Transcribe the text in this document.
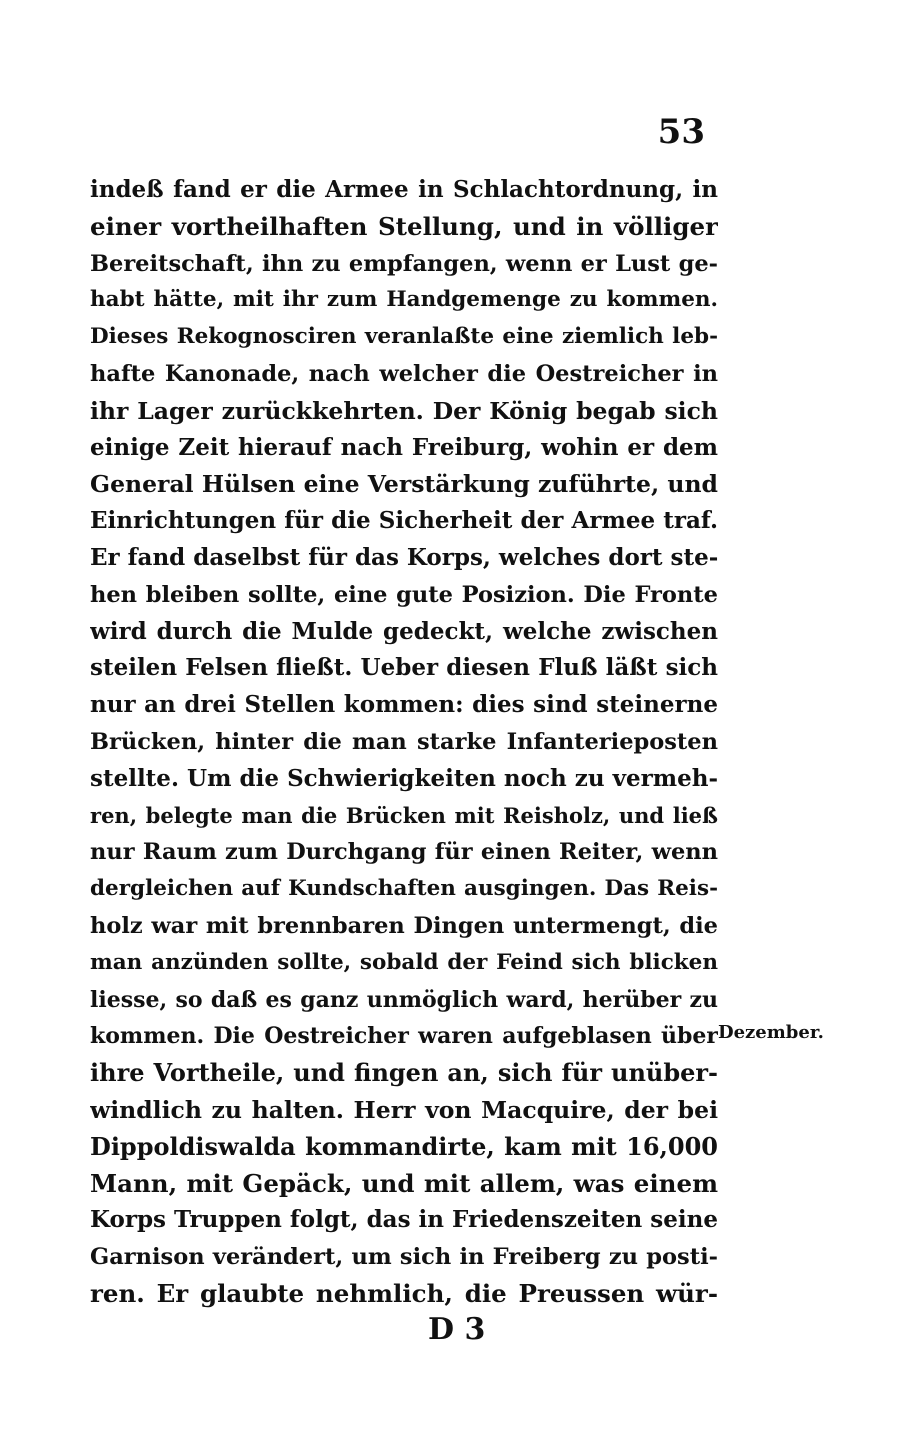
53
indeß fand er die Armee in Schlachtordnung, in
einer vortheilhaften Stellung, und in völliger
Bereitschaft, ihn zu empfangen, wenn er Lust ge-
habt hätte, mit ihr zum Handgemenge zu kommen.
Dieses Rekognosciren veranlaßte eine ziemlich leb-
hafte Kanonade, nach welcher die Oestreicher in
ihr Lager zurückkehrten. Der König begab sich
einige Zeit hierauf nach Freiburg, wohin er dem
General Hülsen eine Verstärkung zuführte, und
Einrichtungen für die Sicherheit der Armee traf.
Er fand daselbst für das Korps, welches dort ste-
hen bleiben sollte, eine gute Posizion. Die Fronte
wird durch die Mulde gedeckt, welche zwischen
steilen Felsen fließt. Ueber diesen Fluß läßt sich
nur an drei Stellen kommen: dies sind steinerne
Brücken, hinter die man starke Infanterieposten
stellte. Um die Schwierigkeiten noch zu vermeh-
ren, belegte man die Brücken mit Reisholz, und ließ
nur Raum zum Durchgang für einen Reiter, wenn
dergleichen auf Kundschaften ausgingen. Das Reis-
holz war mit brennbaren Dingen untermengt, die
man anzünden sollte, sobald der Feind sich blicken
liesse, so daß es ganz unmöglich ward, herüber zu
kommen. Die Oestreicher waren aufgeblasen über
ihre Vortheile, und fingen an, sich für unüber-
windlich zu halten. Herr von Macquire, der bei
Dippoldiswalda kommandirte, kam mit 16,000
Mann, mit Gepäck, und mit allem, was einem
Korps Truppen folgt, das in Friedenszeiten seine
Garnison verändert, um sich in Freiberg zu posti-
ren. Er glaubte nehmlich, die Preussen wür-
Dezember.
D 3
